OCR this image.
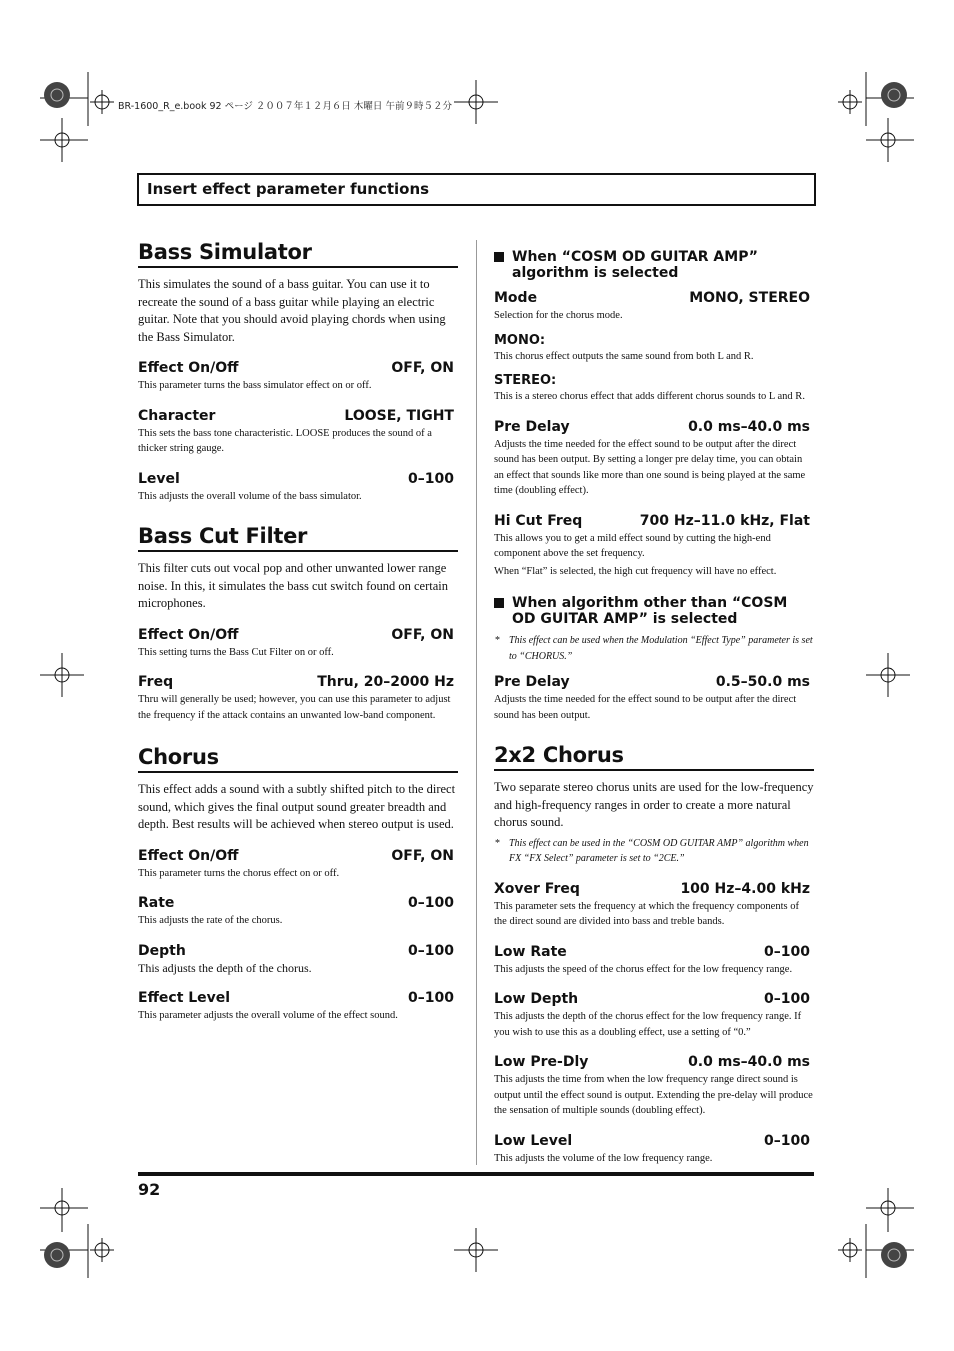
BR-1600_R_e.book 92 ページ ２００７年１２月６日 木曜日 午前９時５２分
Insert effect parameter functions
Bass Simulator

This simulates the sound of a bass guitar. You can use it to recreate the sound of a bass guitar while playing an electric guitar. Note that you should avoid playing chords when using the Bass Simulator.

Effect On/Off	OFF, ON
This parameter turns the bass simulator effect on or off.
Character	LOOSE, TIGHT
This sets the bass tone characteristic. LOOSE produces the sound of a thicker string gauge.
Level	0–100
This adjusts the overall volume of the bass simulator.
Bass Cut Filter

This filter cuts out vocal pop and other unwanted lower range noise. In this, it simulates the bass cut switch found on certain microphones.

Effect On/Off	OFF, ON
This setting turns the Bass Cut Filter on or off.
Freq	Thru, 20–2000 Hz
Thru will generally be used; however, you can use this parameter to adjust the frequency if the attack contains an unwanted low-band component.
Chorus

This effect adds a sound with a subtly shifted pitch to the direct sound, which gives the final output sound greater breadth and depth. Best results will be achieved when stereo output is used.

Effect On/Off	OFF, ON
This parameter turns the chorus effect on or off.
Rate	0–100
This adjusts the rate of the chorus.
Depth	0–100
This adjusts the depth of the chorus.
Effect Level	0–100
This parameter adjusts the overall volume of the effect sound.
When “COSM OD GUITAR AMP” algorithm is selected
Mode	MONO, STEREO
Selection for the chorus mode.
MONO:
This chorus effect outputs the same sound from both L and R.
STEREO:
This is a stereo chorus effect that adds different chorus sounds to L and R.
Pre Delay	0.0 ms–40.0 ms
Adjusts the time needed for the effect sound to be output after the direct sound has been output. By setting a longer pre delay time, you can obtain an effect that sounds like more than one sound is being played at the same time (doubling effect).
Hi Cut Freq	700 Hz–11.0 kHz, Flat
This allows you to get a mild effect sound by cutting the high-end component above the set frequency.
When “Flat” is selected, the high cut frequency will have no effect.
When algorithm other than “COSM OD GUITAR AMP” is selected
* This effect can be used when the Modulation “Effect Type” parameter is set to “CHORUS.”
Pre Delay	0.5–50.0 ms
Adjusts the time needed for the effect sound to be output after the direct sound has been output.
2x2 Chorus

Two separate stereo chorus units are used for the low-frequency and high-frequency ranges in order to create a more natural chorus sound.

* This effect can be used in the “COSM OD GUITAR AMP” algorithm when FX “FX Select” parameter is set to “2CE.”
Xover Freq	100 Hz–4.00 kHz
This parameter sets the frequency at which the frequency components of the direct sound are divided into bass and treble bands.
Low Rate	0–100
This adjusts the speed of the chorus effect for the low frequency range.
Low Depth	0–100
This adjusts the depth of the chorus effect for the low frequency range. If you wish to use this as a doubling effect, use a setting of “0.”
Low Pre-Dly	0.0 ms–40.0 ms
This adjusts the time from when the low frequency range direct sound is output until the effect sound is output. Extending the pre-delay will produce the sensation of multiple sounds (doubling effect).
Low Level	0–100
This adjusts the volume of the low frequency range.
92
